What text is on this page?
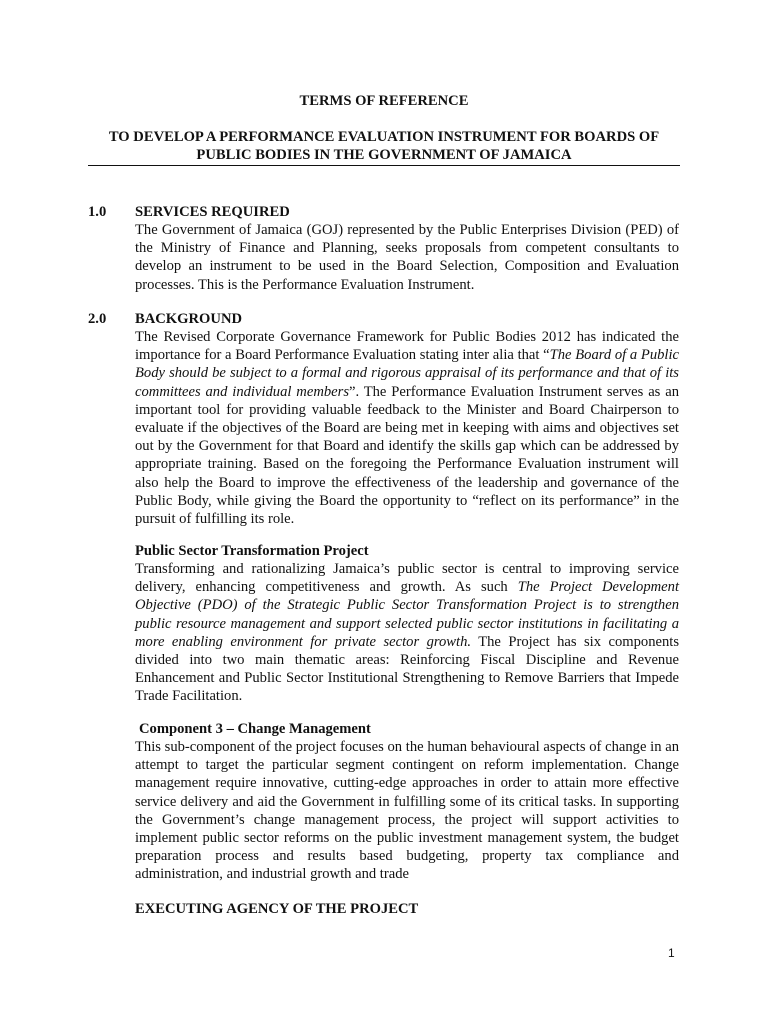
TERMS OF REFERENCE
TO DEVELOP A PERFORMANCE EVALUATION INSTRUMENT FOR BOARDS OF PUBLIC BODIES IN THE GOVERNMENT OF JAMAICA
1.0 SERVICES REQUIRED
The Government of Jamaica (GOJ) represented by the Public Enterprises Division (PED) of the Ministry of Finance and Planning, seeks proposals from competent consultants to develop an instrument to be used in the Board Selection, Composition and Evaluation processes. This is the Performance Evaluation Instrument.
2.0 BACKGROUND
The Revised Corporate Governance Framework for Public Bodies 2012 has indicated the importance for a Board Performance Evaluation stating inter alia that “The Board of a Public Body should be subject to a formal and rigorous appraisal of its performance and that of its committees and individual members”. The Performance Evaluation Instrument serves as an important tool for providing valuable feedback to the Minister and Board Chairperson to evaluate if the objectives of the Board are being met in keeping with aims and objectives set out by the Government for that Board and identify the skills gap which can be addressed by appropriate training. Based on the foregoing the Performance Evaluation instrument will also help the Board to improve the effectiveness of the leadership and governance of the Public Body, while giving the Board the opportunity to “reflect on its performance” in the pursuit of fulfilling its role.
Public Sector Transformation Project
Transforming and rationalizing Jamaica’s public sector is central to improving service delivery, enhancing competitiveness and growth. As such The Project Development Objective (PDO) of the Strategic Public Sector Transformation Project is to strengthen public resource management and support selected public sector institutions in facilitating a more enabling environment for private sector growth. The Project has six components divided into two main thematic areas: Reinforcing Fiscal Discipline and Revenue Enhancement and Public Sector Institutional Strengthening to Remove Barriers that Impede Trade Facilitation.
Component 3 – Change Management
This sub-component of the project focuses on the human behavioural aspects of change in an attempt to target the particular segment contingent on reform implementation. Change management require innovative, cutting-edge approaches in order to attain more effective service delivery and aid the Government in fulfilling some of its critical tasks. In supporting the Government’s change management process, the project will support activities to implement public sector reforms on the public investment management system, the budget preparation process and results based budgeting, property tax compliance and administration, and industrial growth and trade
EXECUTING AGENCY OF THE PROJECT
1
